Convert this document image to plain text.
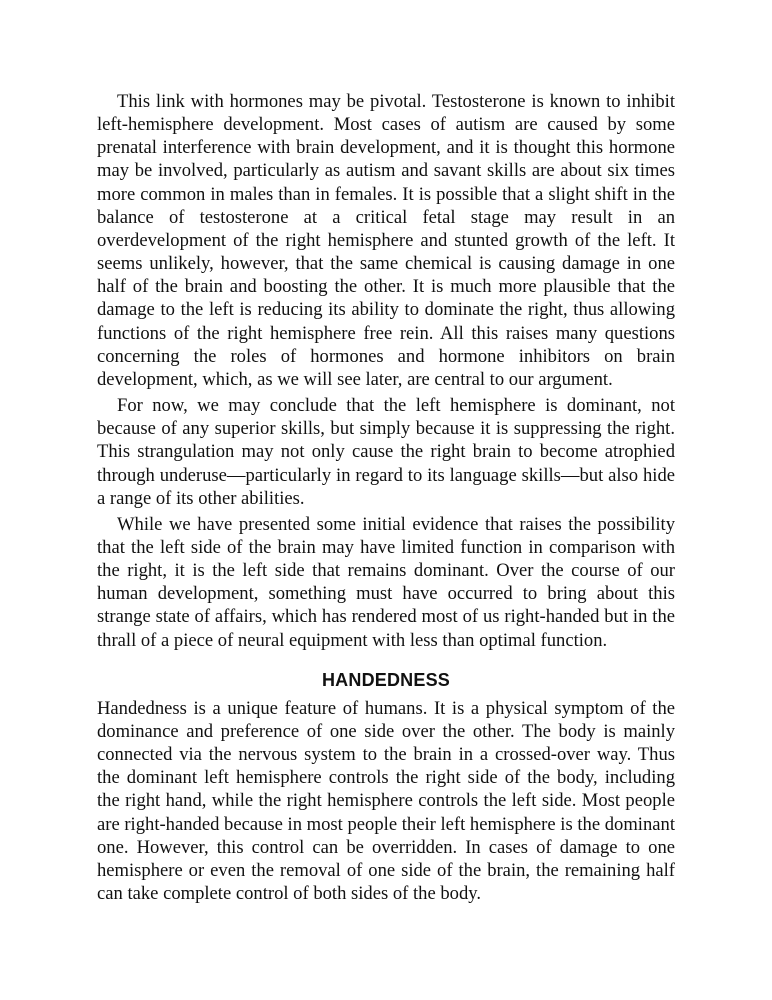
This link with hormones may be pivotal. Testosterone is known to inhibit left-hemisphere development. Most cases of autism are caused by some prenatal interference with brain development, and it is thought this hormone may be involved, particularly as autism and savant skills are about six times more common in males than in females. It is possible that a slight shift in the balance of testosterone at a critical fetal stage may result in an overdevelopment of the right hemisphere and stunted growth of the left. It seems unlikely, however, that the same chemical is causing damage in one half of the brain and boosting the other. It is much more plausible that the damage to the left is reducing its ability to dominate the right, thus allowing functions of the right hemisphere free rein. All this raises many questions concerning the roles of hormones and hormone inhibitors on brain development, which, as we will see later, are central to our argument.

For now, we may conclude that the left hemisphere is dominant, not because of any superior skills, but simply because it is suppressing the right. This strangulation may not only cause the right brain to become atrophied through underuse—particularly in regard to its language skills—but also hide a range of its other abilities.

While we have presented some initial evidence that raises the possibility that the left side of the brain may have limited function in comparison with the right, it is the left side that remains dominant. Over the course of our human development, something must have occurred to bring about this strange state of affairs, which has rendered most of us right-handed but in the thrall of a piece of neural equipment with less than optimal function.

HANDEDNESS

Handedness is a unique feature of humans. It is a physical symptom of the dominance and preference of one side over the other. The body is mainly connected via the nervous system to the brain in a crossed-over way. Thus the dominant left hemisphere controls the right side of the body, including the right hand, while the right hemisphere controls the left side. Most people are right-handed because in most people their left hemisphere is the dominant one. However, this control can be overridden. In cases of damage to one hemisphere or even the removal of one side of the brain, the remaining half can take complete control of both sides of the body.
